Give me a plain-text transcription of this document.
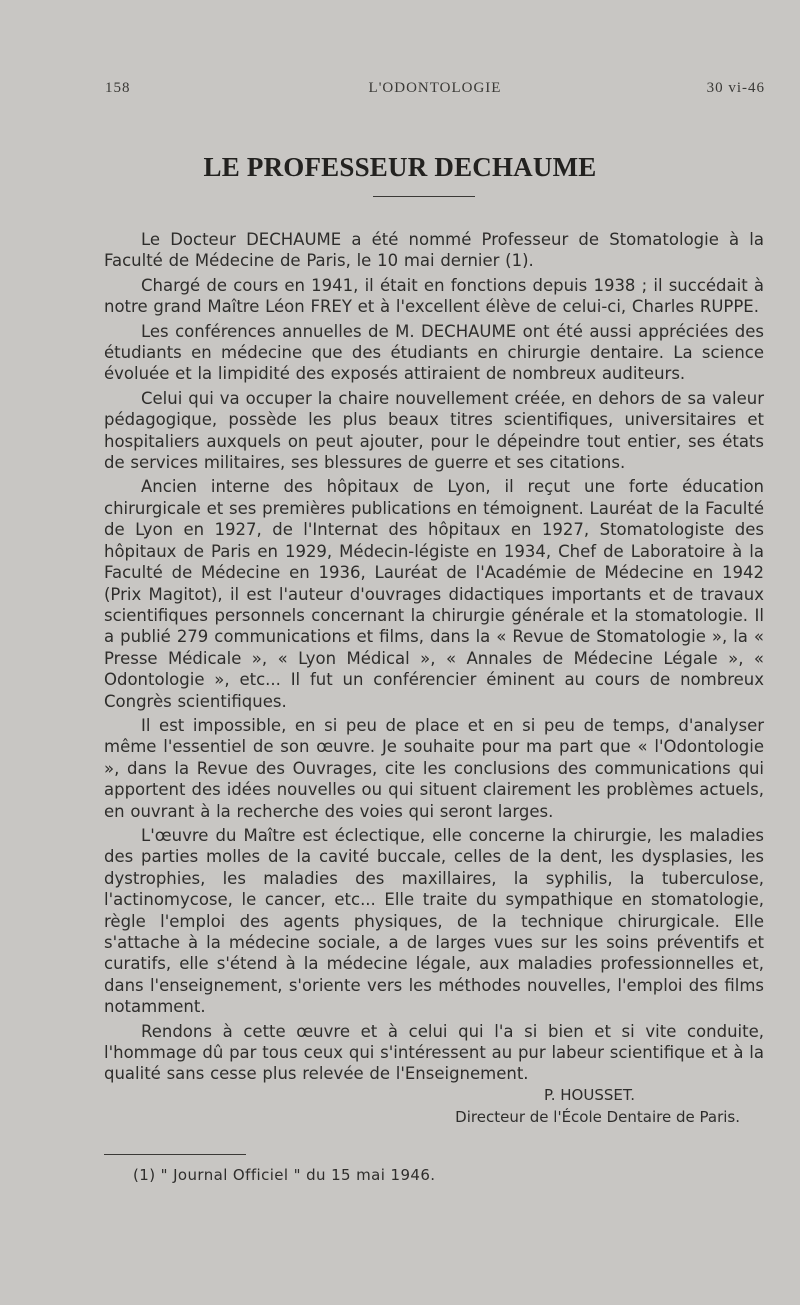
158	L'ODONTOLOGIE	30 vi-46
LE PROFESSEUR DECHAUME

Le Docteur DECHAUME a été nommé Professeur de Stomatologie à la Faculté de Médecine de Paris, le 10 mai dernier (1).

Chargé de cours en 1941, il était en fonctions depuis 1938 ; il succédait à notre grand Maître Léon FREY et à l'excellent élève de celui-ci, Charles RUPPE.

Les conférences annuelles de M. DECHAUME ont été aussi appréciées des étudiants en médecine que des étudiants en chirurgie dentaire. La science évoluée et la limpidité des exposés attiraient de nombreux auditeurs.

Celui qui va occuper la chaire nouvellement créée, en dehors de sa valeur pédagogique, possède les plus beaux titres scientifiques, universitaires et hospitaliers auxquels on peut ajouter, pour le dépeindre tout entier, ses états de services militaires, ses blessures de guerre et ses citations.

Ancien interne des hôpitaux de Lyon, il reçut une forte éducation chirurgicale et ses premières publications en témoignent. Lauréat de la Faculté de Lyon en 1927, de l'Internat des hôpitaux en 1927, Stomatologiste des hôpitaux de Paris en 1929, Médecin-légiste en 1934, Chef de Laboratoire à la Faculté de Médecine en 1936, Lauréat de l'Académie de Médecine en 1942 (Prix Magitot), il est l'auteur d'ouvrages didactiques importants et de travaux scientifiques personnels concernant la chirurgie générale et la stomatologie. Il a publié 279 communications et films, dans la « Revue de Stomatologie », la « Presse Médicale », « Lyon Médical », « Annales de Médecine Légale », « Odontologie », etc... Il fut un conférencier éminent au cours de nombreux Congrès scientifiques.

Il est impossible, en si peu de place et en si peu de temps, d'analyser même l'essentiel de son œuvre. Je souhaite pour ma part que « l'Odontologie », dans la Revue des Ouvrages, cite les conclusions des communications qui apportent des idées nouvelles ou qui situent clairement les problèmes actuels, en ouvrant à la recherche des voies qui seront larges.

L'œuvre du Maître est éclectique, elle concerne la chirurgie, les maladies des parties molles de la cavité buccale, celles de la dent, les dysplasies, les dystrophies, les maladies des maxillaires, la syphilis, la tuberculose, l'actinomycose, le cancer, etc... Elle traite du sympathique en stomatologie, règle l'emploi des agents physiques, de la technique chirurgicale. Elle s'attache à la médecine sociale, a de larges vues sur les soins préventifs et curatifs, elle s'étend à la médecine légale, aux maladies professionnelles et, dans l'enseignement, s'oriente vers les méthodes nouvelles, l'emploi des films notamment.

Rendons à cette œuvre et à celui qui l'a si bien et si vite conduite, l'hommage dû par tous ceux qui s'intéressent au pur labeur scientifique et à la qualité sans cesse plus relevée de l'Enseignement.

P. HOUSSET.
Directeur de l'École Dentaire de Paris.
(1) " Journal Officiel " du 15 mai 1946.
